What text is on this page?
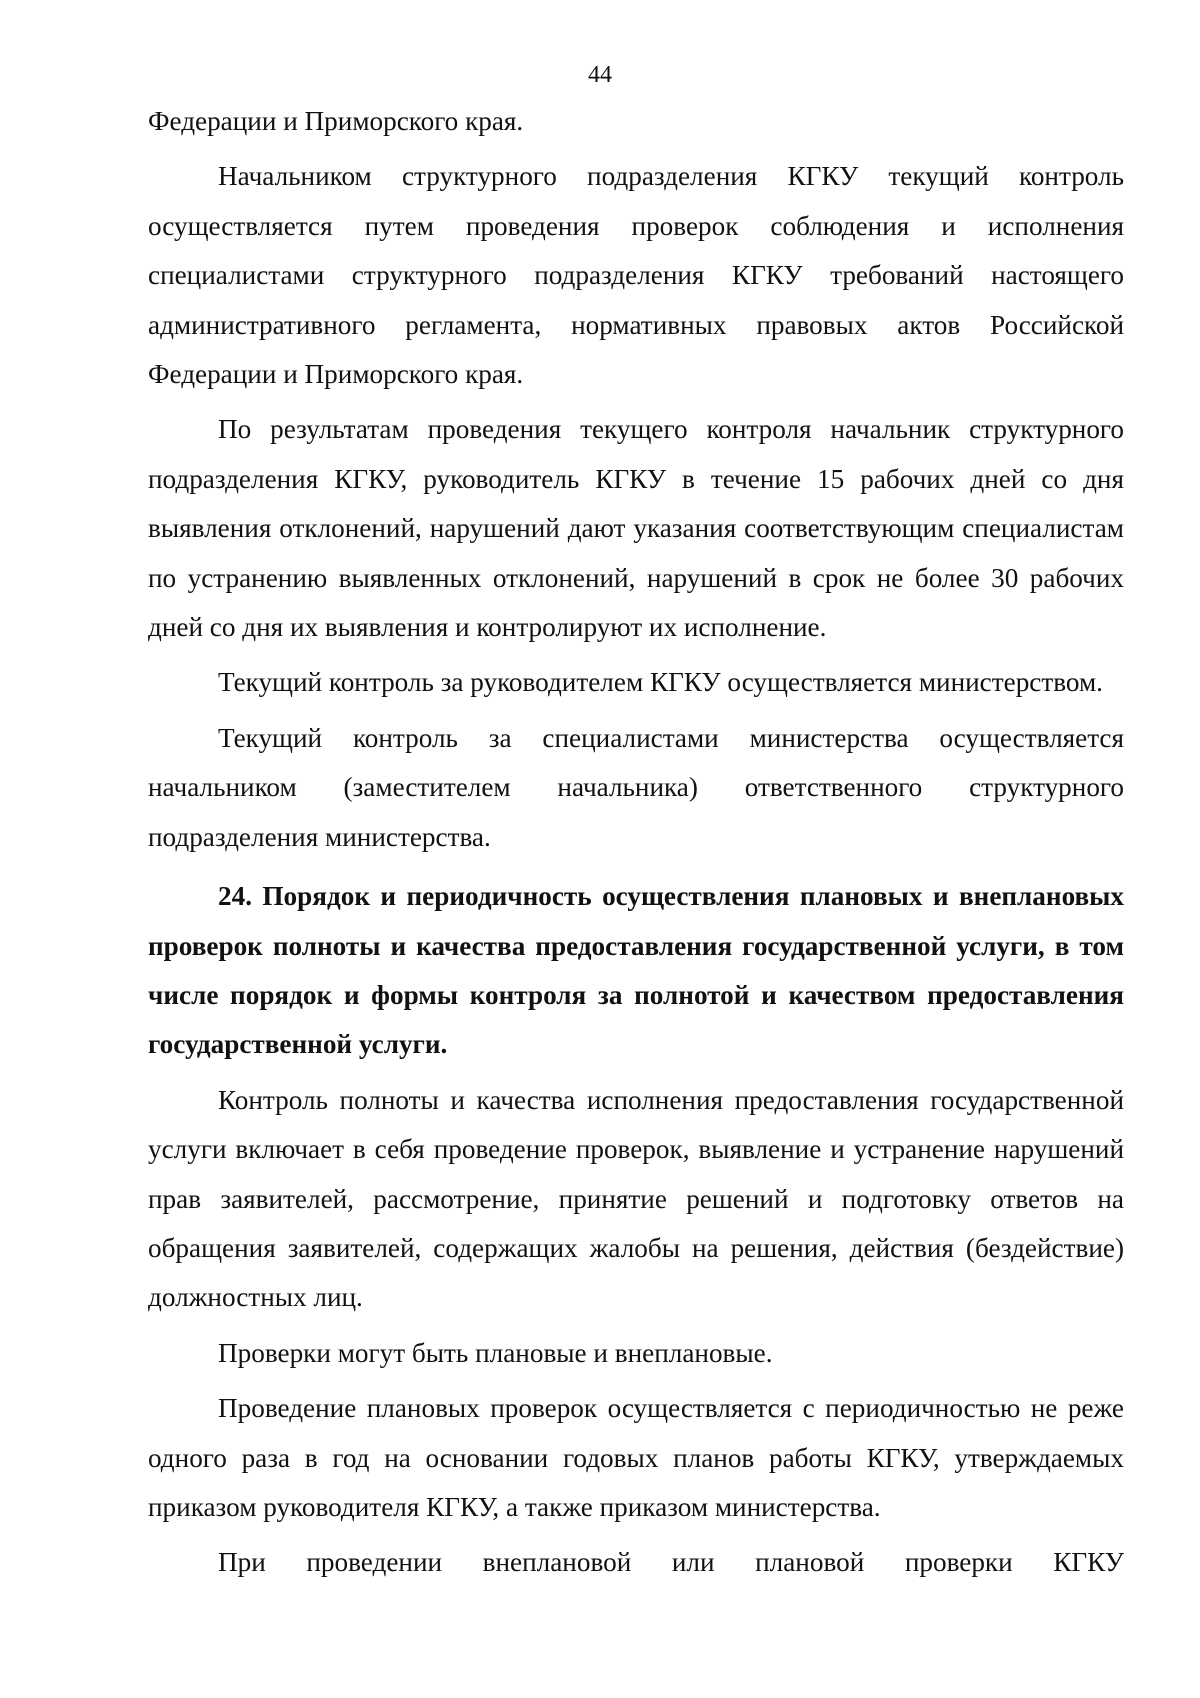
44

Федерации и Приморского края.

Начальником структурного подразделения КГКУ текущий контроль осуществляется путем проведения проверок соблюдения и исполнения специалистами структурного подразделения КГКУ требований настоящего административного регламента, нормативных правовых актов Российской Федерации и Приморского края.

По результатам проведения текущего контроля начальник структурного подразделения КГКУ, руководитель КГКУ в течение 15 рабочих дней со дня выявления отклонений, нарушений дают указания соответствующим специалистам по устранению выявленных отклонений, нарушений в срок не более 30 рабочих дней со дня их выявления и контролируют их исполнение.

Текущий контроль за руководителем КГКУ осуществляется министерством.

Текущий контроль за специалистами министерства осуществляется начальником (заместителем начальника) ответственного структурного подразделения министерства.

24. Порядок и периодичность осуществления плановых и внеплановых проверок полноты и качества предоставления государственной услуги, в том числе порядок и формы контроля за полнотой и качеством предоставления государственной услуги.

Контроль полноты и качества исполнения предоставления государственной услуги включает в себя проведение проверок, выявление и устранение нарушений прав заявителей, рассмотрение, принятие решений и подготовку ответов на обращения заявителей, содержащих жалобы на решения, действия (бездействие) должностных лиц.

Проверки могут быть плановые и внеплановые.

Проведение плановых проверок осуществляется с периодичностью не реже одного раза в год на основании годовых планов работы КГКУ, утверждаемых приказом руководителя КГКУ, а также приказом министерства.

При проведении внеплановой или плановой проверки КГКУ
